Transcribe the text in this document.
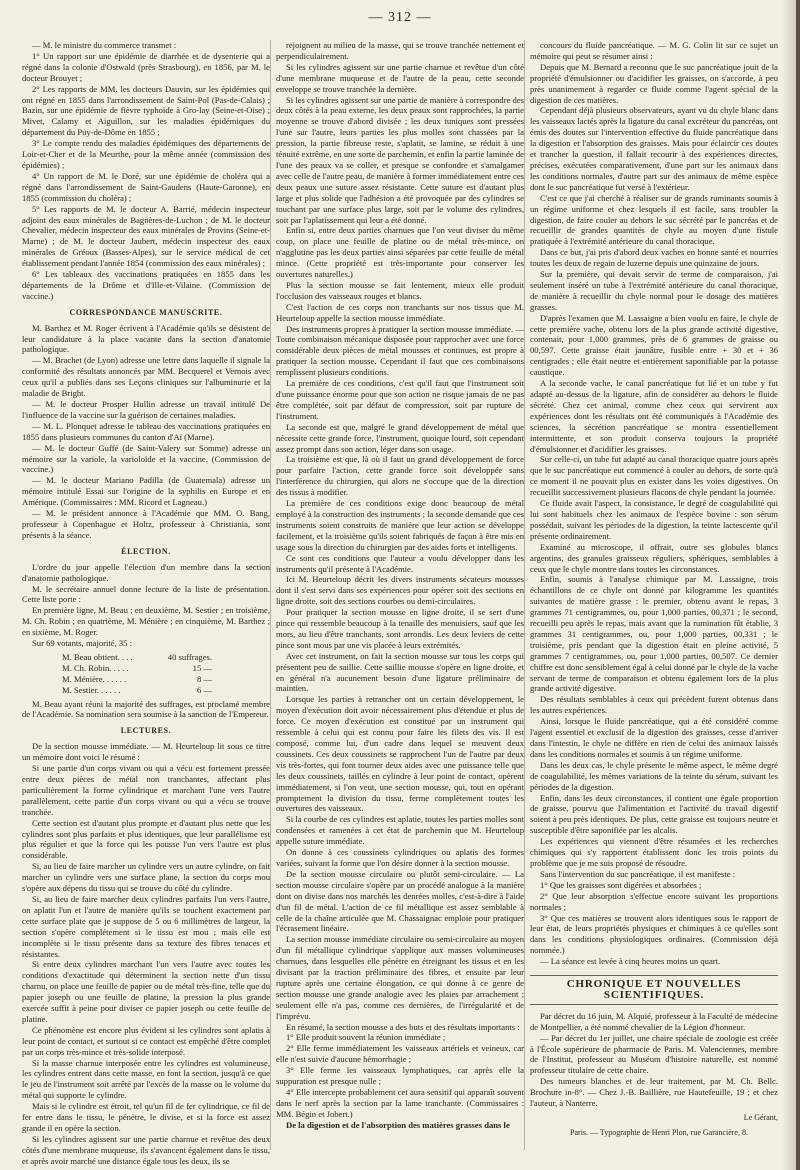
— 312 —

— M. le ministre du commerce transmet :

1° Un rapport sur une épidémie de diarrhée et de dysenterie qui a régné dans la colonie d'Ostwald (près Strasbourg), en 1856, par M. le docteur Brouyet ;

2° Les rapports de MM. les docteurs Dauvin, sur les épidémies qui ont régné en 1855 dans l'arrondissement de Saint-Pol (Pas-de-Calais) ; Bazin, sur une épidémie de fièvre typhoïde à Gro-lay (Seine-et-Oise) ; Mivet, Calamy et Aiguillon, sur les maladies épidémiques du département du Puy-de-Dôme en 1855 ;

3° Le compte rendu des maladies épidémiques des départements de Loir-et-Cher et de la Meurthe, pour la même année (commission des épidémies) ;

4° Un rapport de M. le Doré, sur une épidémie de choléra qui a régné dans l'arrondissement de Saint-Gaudens (Haute-Garonne), en 1855 (commission du choléra) ;

5° Les rapports de M. le docteur A. Barrié, médecin inspecteur adjoint des eaux minérales de Bagnères-de-Luchon ; de M. le docteur Chevalier, médecin inspecteur des eaux minérales de Provins (Seine-et-Marne) ; de M. le docteur Jaubert, médecin inspecteur des eaux minérales de Gréoux (Basses-Alpes), sur le service médical de cet établissement pendant l'année 1854 (commission des eaux minérales) ;

6° Les tableaux des vaccinations pratiquées en 1855 dans les départements de la Drôme et d'Ille-et-Vilaine. (Commission de vaccine.)

CORRESPONDANCE MANUSCRITE.

M. Barthez et M. Roger écrivent à l'Académie qu'ils se désistent de leur candidature à la place vacante dans la section d'anatomie pathologique.

— M. Brachet (de Lyon) adresse une lettre dans laquelle il signale la conformité des résultats annoncés par MM. Becquerel et Vernois avec ceux qu'il a publiés dans ses Leçons cliniques sur l'albuminurie et la maladie de Bright.

— M. le docteur Prosper Hullin adresse un travail intitulé De l'influence de la vaccine sur la guérison de certaines maladies.

— M. L. Plonquet adresse le tableau des vaccinations pratiquées en 1855 dans plusieurs communes du canton d'Aï (Marne).

— M. le docteur Guffé (de Saint-Valery sur Somme) adresse un mémoire sur la variole, la varioloïde et la vaccine. (Commission de vaccine.)

— M. le docteur Mariano Padilla (de Guatemala) adresse un mémoire intitulé Essai sur l'origine de la syphilis en Europe et en Amérique. (Commissaires : MM. Ricord et Lagneau.)

— M. le président annonce à l'Académie que MM. O. Bang, professeur à Copenhague et Holtz, professeur à Christiania, sont présents à la séance.

ÉLECTION.

L'ordre du jour appelle l'élection d'un membre dans la section d'anatomie pathologique.

M. le secrétaire annuel donne lecture de la liste de présentation. Cette liste porte :

En première ligne, M. Beau ; en deuxième, M. Sestier ; en troisième, M. Ch. Robin ; en quatrième, M. Ménière ; en cinquième, M. Barthez ; en sixième, M. Roger.

Sur 69 votants, majorité, 35 :

M. Beau obtient. . . .	40 suffrages.
M. Ch. Robin. . . . .	15 —
M. Ménière. . . . . .	8 —
M. Sestier. . . . . .	6 —

M. Beau ayant réuni la majorité des suffrages, est proclamé membre de l'Académie. Sa nomination sera soumise à la sanction de l'Empereur.

LECTURES.

De la section mousse immédiate. — M. Heurteloup lit sous ce titre un mémoire dont voici le résumé :

Si une partie d'un corps vivant ou qui a vécu est fortement pressée entre deux pièces de métal non tranchantes, affectant plus particulièrement la forme cylindrique et marchant l'une vers l'autre parallèlement, cette partie d'un corps vivant ou qui a vécu se trouve tranchée.

Cette section est d'autant plus prompte et d'autant plus nette que les cylindres sont plus parfaits et plus identiques, que leur parallélisme est plus régulier et que la force qui les pousse l'un vers l'autre est plus considérable.

Si, au lieu de faire marcher un cylindre vers un autre cylindre, on fait marcher un cylindre vers une surface plane, la section du corps mou s'opère aux dépens du tissu qui se trouve du côté du cylindre.

Si, au lieu de faire marcher deux cylindres parfaits l'un vers l'autre, on aplatit l'un et l'autre de manière qu'ils se touchent exactement par cette surface plate que je suppose de 5 ou 6 millimètres de largeur, la section s'opère complétement si le tissu est mou ; mais elle est incomplète si le tissu présente dans sa texture des fibres tenaces et résistantes.

Si entre deux cylindres marchant l'un vers l'autre avec toutes les conditions d'exactitude qui déterminent la section nette d'un tissu charnu, on place une feuille de papier ou de métal très-fine, telle que du papier joseph ou une feuille de platine, la pression la plus grande exercée suffit à peine pour diviser ce papier joseph ou cette feuille de platine.

Ce phénomène est encore plus évident si les cylindres sont aplatis à leur point de contact, et surtout si ce contact est empêché d'être complet par un corps très-mince et très-solide interposé.

Si la masse charnue interposée entre les cylindres est volumineuse, les cylindres entrent dans cette masse, en font la section, jusqu'à ce que le jeu de l'instrument soit arrêté par l'excès de la masse ou le volume du métal qui supporte le cylindre.

Mais si le cylindre est étroit, tel qu'un fil de fer cylindrique, ce fil de fer entre dans le tissu, le pénètre, le divise, et si la force est assez grande il en opère la section.

Si les cylindres agissent sur une partie charnue et revêtue des deux côtés d'une membrane muqueuse, ils s'avancent également dans le tissu, et après avoir marché une distance égale tous les deux, ils se

rejoignent au milieu de la masse, qui se trouve tranchée nettement et perpendiculairement.

Si les cylindres agissent sur une partie charnue et revêtue d'un côté d'une membrane muqueuse et de l'autre de la peau, cette seconde enveloppe se trouve tranchée la dernière.

Si les cylindres agissent sur une partie de manière à correspondre des deux côtés à la peau externe, les deux peaux sont rapprochées, la partie moyenne se trouve d'abord divisée ; les deux tuniques sont pressées l'une sur l'autre, leurs parties les plus molles sont chassées par la pression, la partie fibreuse reste, s'aplatit, se lamine, se réduit à une ténuité extrême, en une sorte de parchemin, et enfin la partie laminée de l'une des peaux va se coller, et presque se confondre et s'amalgamer avec celle de l'autre peau, de manière à former immédiatement entre ces deux peaux une suture assez résistante. Cette suture est d'autant plus large et plus solide que l'adhésion a été provoquée par des cylindres se touchant par une surface plus large, soit par le volume des cylindres, soit par l'aplatissement qui leur a été donné.

Enfin si, entre deux parties charnues que l'on veut diviser du même coup, on place une feuille de platine ou de métal très-mince, on n'agglutine pas les deux parties ainsi séparées par cette feuille de métal mince. (Cette propriété est très-importante pour conserver les ouvertures naturelles.)

Plus la section mousse se fait lentement, mieux elle produit l'occlusion des vaisseaux rouges et blancs.

C'est l'action de ces corps non tranchants sur nos tissus que M. Heurteloup appelle la section mousse immédiate.

Des instruments propres à pratiquer la section mousse immédiate. — Toute combinaison mécanique disposée pour rapprocher avec une force considérable deux pièces de métal mousses et continues, est propre à pratiquer la section mousse. Cependant il faut que ces combinaisons remplissent plusieurs conditions.

La première de ces conditions, c'est qu'il faut que l'instrument soit d'une puissance énorme pour que son action ne risque jamais de ne pas être complétée, soit par défaut de compression, soit par rupture de l'instrument.

La seconde est que, malgré le grand développement de métal que nécessite cette grande force, l'instrument, quoique lourd, soit cependant assez prompt dans son action, léger dans son usage.

La troisième est que, là où il faut un grand développement de force pour parfaire l'action, cette grande force soit développée sans l'interférence du chirurgien, qui alors ne s'occupe que de la direction des tissus à modifier.

La première de ces conditions exige donc beaucoup de métal employé à la construction des instruments ; la seconde demande que ces instruments soient construits de manière que leur action se développe facilement, et la troisième qu'ils soient fabriqués de façon à être mis en usage sous la direction du chirurgien par des aides forts et intelligents.

Ce sont ces conditions que l'auteur a voulu développer dans les instruments qu'il présente à l'Académie.

Ici M. Heurteloup décrit les divers instruments sécateurs mousses dont il s'est servi dans ses expériences pour opérer soit des sections en ligne droite, soit des sections courbes ou demi-circulaires.

Pour pratiquer la section mousse en ligne droite, il se sert d'une pince qui ressemble beaucoup à la tenaille des menuisiers, sauf que les mors, au lieu d'être tranchants, sont arrondis. Les deux leviers de cette pince sont mous par une vis placée à leurs extrémités.

Avec cet instrument, on fait la section mousse sur tous les corps qui présentent peu de saillie. Cette saillie mousse s'opère en ligne droite, et en général n'a aucunement besoin d'une ligature préliminaire de maintien.

Lorsque les parties à retrancher ont un certain développement, le moyen d'exécution doit avoir nécessairement plus d'étendue et plus de force. Ce moyen d'exécution est constitué par un instrument qui ressemble à celui qui est connu pour faire les filets des vis. Il est composé, comme lui, d'un cadre dans lequel se meuvent deux coussinets. Ces deux coussinets se rapprochent l'un de l'autre par deux vis très-fortes, qui font tourner deux aides avec une puissance telle que les deux coussinets, taillés en cylindre à leur point de contact, opèrent immédiatement, si l'on veut, une section mousse, qui, tout en opérant promptement la division du tissu, ferme complètement toutes les ouvertures des vaisseaux.

Si la courbe de ces cylindres est aplatie, toutes les parties molles sont condensées et ramenées à cet état de parchemin que M. Heurteloup appelle suture immédiate.

On donne à ces coussinets cylindriques ou aplatis des formes variées, suivant la forme que l'on désire donner à la section mousse.

De la section mousse circulaire ou plutôt semi-circulaire. — La section mousse circulaire s'opère par un procédé analogue à la manière dont on divise dans nos marchés les denrées molles, c'est-à-dire à l'aide d'un fil de métal. L'action de ce fil métallique est assez semblable à celle de la chaîne articulée que M. Chassaignac emploie pour pratiquer l'écrasement linéaire.

La section mousse immédiate circulaire ou semi-circulaire au moyen d'un fil métallique cylindrique s'applique aux masses volumineuses charnues, dans lesquelles elle pénètre en étreignant les tissus et en les divisant par la traction préliminaire des fibres, et ensuite par leur rupture après une certaine élongation, ce qui donne à ce genre de section mousse une grande analogie avec les plaies par arrachement ; seulement elle n'a pas, comme ces dernières, de l'irrégularité et de l'imprévu.

En résumé, la section mousse a des buts et des résultats importants :

1° Elle produit souvent la réunion immédiate ;

2° Elle ferme immédiatement les vaisseaux artériels et veineux, car elle n'est suivie d'aucune hémorrhagie ;

3° Elle ferme les vaisseaux lymphatiques, car après elle la suppuration est presque nulle ;

4° Elle intercepte probablement cet aura sensitif qui apparaît souvent dans le nerf après la section par la lame tranchante. (Commissaires : MM. Bégin et Jobert.)

De la digestion et de l'absorption des matières grasses dans le

concours du fluide pancréatique. — M. G. Colin lit sur ce sujet un mémoire qui peut se résumer ainsi :

Depuis que M. Bernard a reconnu que le suc pancréatique jouit de la propriété d'émulsionner ou d'acidifier les graisses, on s'accorde, à peu près unanimement à regarder ce fluide comme l'agent spécial de la digestion de ces matières.

Cependant déjà plusieurs observateurs, ayant vu du chyle blanc dans les vaisseaux lactés après la ligature du canal excréteur du pancréas, ont émis des doutes sur l'intervention effective du fluide pancréatique dans la digestion et l'absorption des graisses. Mais pour éclaircir ces doutes et trancher la question, il fallait recourir à des expériences directes, précises, exécutées comparativement, d'une part sur les animaux dans les conditions normales, d'autre part sur des animaux de même espèce dont le suc pancréatique fut versé à l'extérieur.

C'est ce que j'ai cherché à réaliser sur de grands ruminants soumis à un régime uniforme et chez lesquels il est facile, sans troubler la digestion, de faire couler au dehors le suc sécrété par le pancréas et de recueillir de grandes quantités de chyle au moyen d'une fistule pratiquée à l'extrémité antérieure du canal thoracique.

Dans ce but, j'ai pris d'abord deux vaches en bonne santé et nourries toutes les deux de regain de luzerne depuis une quinzaine de jours.

Sur la première, qui devait servir de terme de comparaison, j'ai seulement inséré un tube à l'extrémité antérieure du canal thoracique, de manière à recueillir du chyle normal pour le dosage des matières grasses.

D'après l'examen que M. Lassaigne a bien voulu en faire, le chyle de cette première vache, obtenu lors de la plus grande activité digestive, contenait, pour 1,000 grammes, près de 6 grammes de graisse ou 00,597. Cette graisse était jaunâtre, fusible entre + 30 et + 36 centigrades ; elle était neutre et entièrement saponifiable par la potasse caustique.

A la seconde vache, le canal pancréatique fut lié et un tube y fut adapté au-dessus de la ligature, afin de considérer au dehors le fluide sécrété. Chez cet animal, comme chez ceux qui servirent aux expériences dont les résultats ont été communiqués à l'Académie des sciences, la sécrétion pancréatique se montra essentiellement intermittente, et son produit conserva toujours la propriété d'émulsionner et d'acidifier les graisses.

Sur celle-ci, un tube fut adapté au canal thoracique quatre jours après que le suc pancréatique eut commencé à couler au dehors, de sorte qu'à ce moment il ne pouvait plus en exister dans les voies digestives. On recueillit successivement plusieurs flacons de chyle pendant la journée.

Ce fluide avait l'aspect, la consistance, le degré de coagulabilité qui lui sont habituels chez les animaux de l'espèce bovine : son sérum possédait, suivant les périodes de la digestion, la teinte lactescente qu'il présente ordinairement.

Examiné au microscope, il offrait, outre ses globules blancs argentins, des granules graisseux réguliers, sphériques, semblables à ceux que le chyle montre dans toutes les circonstances.

Enfin, soumis à l'analyse chimique par M. Lassaigne, trois échantillons de ce chyle ont donné par kilogramme les quantités suivantes de matière grasse : le premier, obtenu avant le repas, 3 grammes 71 centigrammes, ou, pour 1,000 parties, 00,371 ; le second, recueilli peu après le repas, mais avant que la rumination fût établie, 3 grammes 31 centigrammes, ou, pour 1,000 parties, 00,331 ; le troisième, pris pendant que la digestion était en pleine activité, 5 grammes 7 centigrammes, ou, pour 1,000 parties, 00,507. Ce dernier chiffre est donc sensiblement égal à celui donné par le chyle de la vache servant de terme de comparaison et obtenu également lors de la plus grande activité digestive.

Des résultats semblables à ceux qui précèdent furent obtenus dans les autres expériences.

Ainsi, lorsque le fluide pancréatique, qui a été considéré comme l'agent essentiel et exclusif de la digestion des graisses, cesse d'arriver dans l'intestin, le chyle ne diffère en rien de celui des animaux laissés dans les conditions normales et soumis à un régime uniforme.

Dans les deux cas, le chyle présente le même aspect, le même degré de coagulabilité, les mêmes variations de la teinte du sérum, suivant les périodes de la digestion.

Enfin, dans les deux circonstances, il contient une égale proportion de graisse, pourvu que l'alimentation et l'activité du travail digestif soient à peu près identiques. De plus, cette graisse est toujours neutre et susceptible d'être saponifiée par les alcalis.

Les expériences qui viennent d'être résumées et les recherches chimiques qui s'y rapportent établissent donc les trois points du problème que je me suis proposé de résoudre.

Sans l'intervention du suc pancréatique, il est manifeste :

1° Que les graisses sont digérées et absorbées ;

2° Que leur absorption s'effectue encore suivant les proportions normales ;

3° Que ces matières se trouvent alors identiques sous le rapport de leur état, de leurs propriétés physiques et chimiques à ce qu'elles sont dans les conditions physiologiques ordinaires. (Commission déjà nommée.)

— La séance est levée à cinq heures moins un quart.

CHRONIQUE ET NOUVELLES SCIENTIFIQUES.

Par décret du 16 juin, M. Alquié, professeur à la Faculté de médecine de Montpellier, a été nommé chevalier de la Légion d'honneur.

— Par décret du 1er juillet, une chaire spéciale de zoologie est créée à l'École supérieure de pharmacie de Paris. M. Valenciennes, membre de l'Institut, professeur au Muséum d'histoire naturelle, est nommé professeur titulaire de cette chaire.

Des tumeurs blanches et de leur traitement, par M. Ch. Bellc. Brochure in-8°. — Chez J.-B. Baillière, rue Hautefeuille, 19 ; et chez l'auteur, à Nanterre.

Le Gérant,

Paris. — Typographie de Henri Plon, rue Garancière, 8.
